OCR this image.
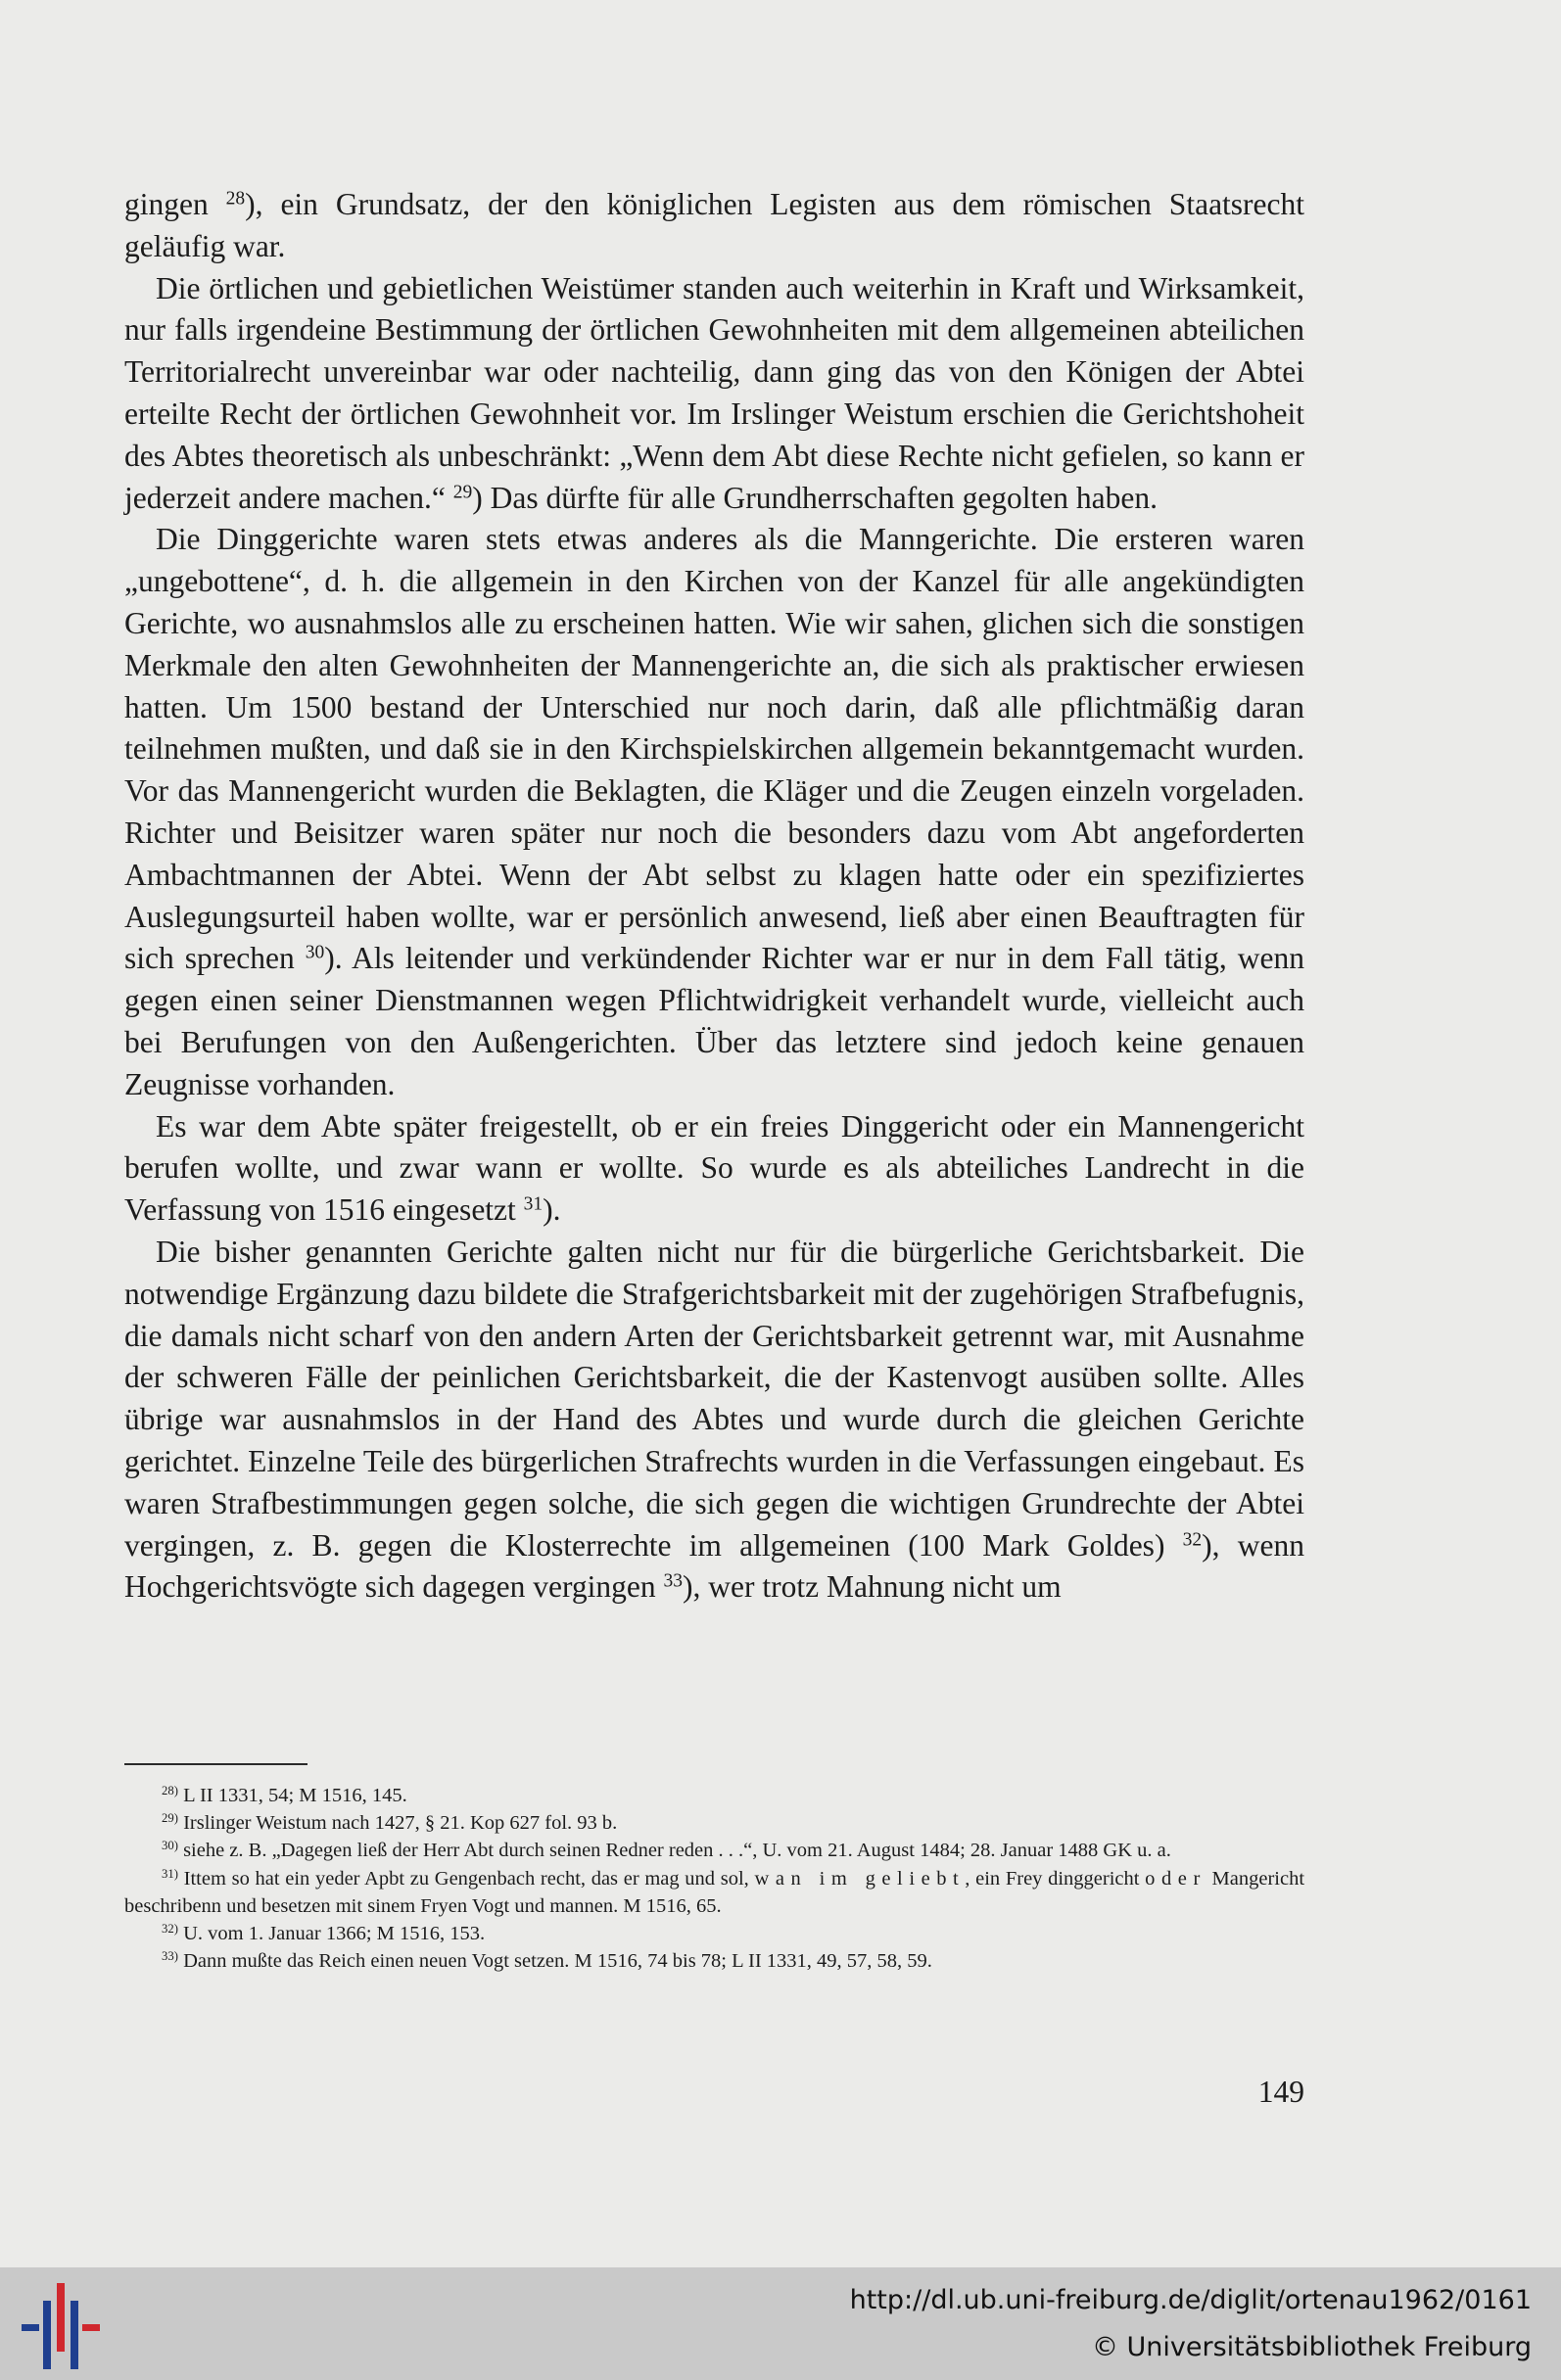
gingen $^{28}$), ein Grundsatz, der den königlichen Legisten aus dem römischen Staatsrecht geläufig war.

Die örtlichen und gebietlichen Weistümer standen auch weiterhin in Kraft und Wirksamkeit, nur falls irgendeine Bestimmung der örtlichen Gewohnheiten mit dem allgemeinen abteilichen Territorialrecht unvereinbar war oder nachteilig, dann ging das von den Königen der Abtei erteilte Recht der örtlichen Gewohnheit vor. Im Irslinger Weistum erschien die Gerichtshoheit des Abtes theoretisch als unbeschränkt: „Wenn dem Abt diese Rechte nicht gefielen, so kann er jederzeit andere machen.“ $^{29}$) Das dürfte für alle Grundherrschaften gegolten haben.

Die Dinggerichte waren stets etwas anderes als die Manngerichte. Die ersteren waren „ungebottene“, d. h. die allgemein in den Kirchen von der Kanzel für alle angekündigten Gerichte, wo ausnahmslos alle zu erscheinen hatten. Wie wir sahen, glichen sich die sonstigen Merkmale den alten Gewohnheiten der Mannengerichte an, die sich als praktischer erwiesen hatten. Um 1500 bestand der Unterschied nur noch darin, daß alle pflichtmäßig daran teilnehmen mußten, und daß sie in den Kirchspielskirchen allgemein bekanntgemacht wurden. Vor das Mannengericht wurden die Beklagten, die Kläger und die Zeugen einzeln vorgeladen. Richter und Beisitzer waren später nur noch die besonders dazu vom Abt angeforderten Ambachtmannen der Abtei. Wenn der Abt selbst zu klagen hatte oder ein spezifiziertes Auslegungsurteil haben wollte, war er persönlich anwesend, ließ aber einen Beauftragten für sich sprechen $^{30}$). Als leitender und verkündender Richter war er nur in dem Fall tätig, wenn gegen einen seiner Dienstmannen wegen Pflichtwidrigkeit verhandelt wurde, vielleicht auch bei Berufungen von den Außengerichten. Über das letztere sind jedoch keine genauen Zeugnisse vorhanden.

Es war dem Abte später freigestellt, ob er ein freies Dinggericht oder ein Mannengericht berufen wollte, und zwar wann er wollte. So wurde es als abteiliches Landrecht in die Verfassung von 1516 eingesetzt $^{31}$).

Die bisher genannten Gerichte galten nicht nur für die bürgerliche Gerichtsbarkeit. Die notwendige Ergänzung dazu bildete die Strafgerichtsbarkeit mit der zugehörigen Strafbefugnis, die damals nicht scharf von den andern Arten der Gerichtsbarkeit getrennt war, mit Ausnahme der schweren Fälle der peinlichen Gerichtsbarkeit, die der Kastenvogt ausüben sollte. Alles übrige war ausnahmslos in der Hand des Abtes und wurde durch die gleichen Gerichte gerichtet. Einzelne Teile des bürgerlichen Strafrechts wurden in die Verfassungen eingebaut. Es waren Strafbestimmungen gegen solche, die sich gegen die wichtigen Grundrechte der Abtei vergingen, z. B. gegen die Klosterrechte im allgemeinen (100 Mark Goldes) $^{32}$), wenn Hochgerichtsvögte sich dagegen vergingen $^{33}$), wer trotz Mahnung nicht um

$^{28)}$ L II 1331, 54; M 1516, 145.

$^{29)}$ Irslinger Weistum nach 1427, § 21. Kop 627 fol. 93 b.

$^{30)}$ siehe z. B. „Dagegen ließ der Herr Abt durch seinen Redner reden . . .“, U. vom 21. August 1484; 28. Januar 1488 GK u. a.

$^{31)}$ Ittem so hat ein yeder Apbt zu Gengenbach recht, das er mag und sol, wan im geliebt, ein Frey dinggericht oder Mangericht beschribenn und besetzen mit sinem Fryen Vogt und mannen. M 1516, 65.

$^{32)}$ U. vom 1. Januar 1366; M 1516, 153.

$^{33)}$ Dann mußte das Reich einen neuen Vogt setzen. M 1516, 74 bis 78; L II 1331, 49, 57, 58, 59.

149
http://dl.ub.uni-freiburg.de/diglit/ortenau1962/0161
© Universitätsbibliothek Freiburg
